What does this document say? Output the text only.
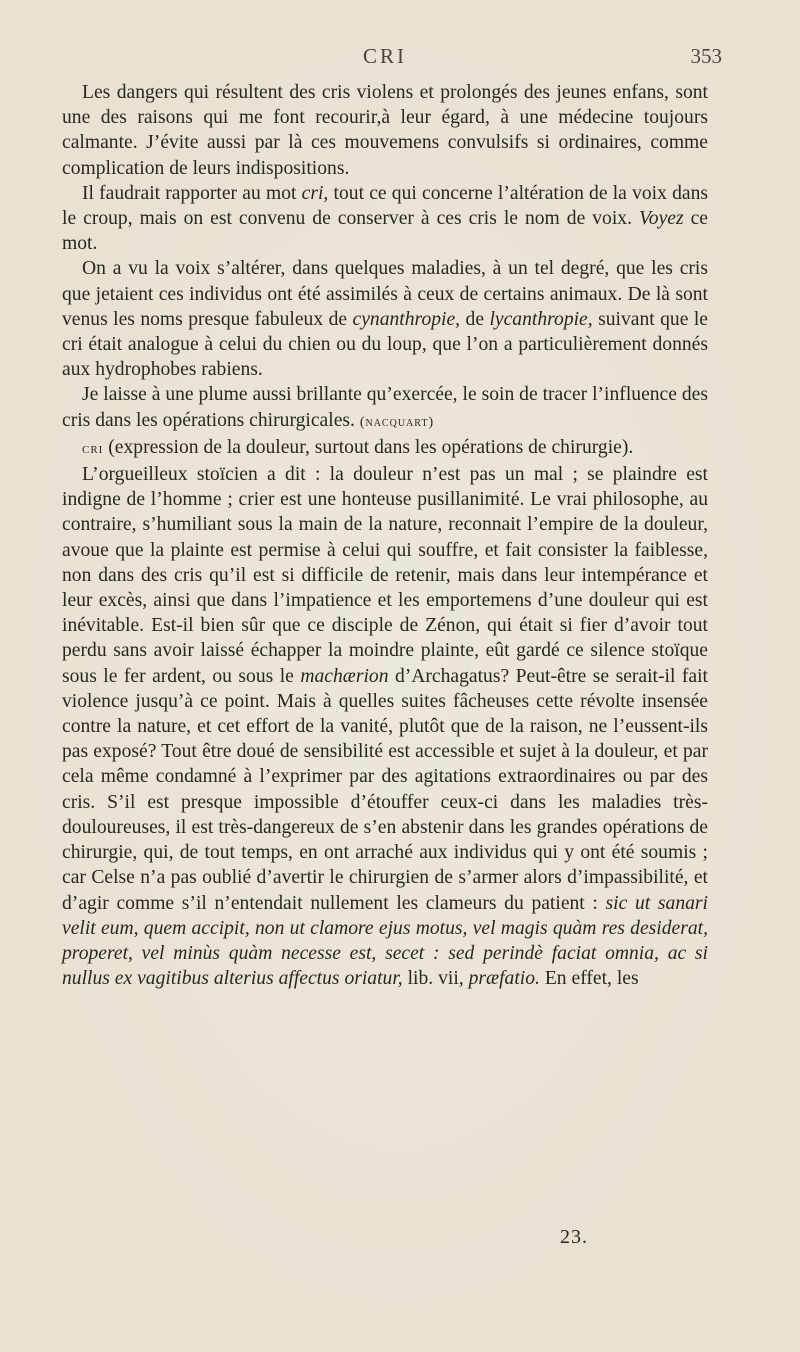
CRI	353

Les dangers qui résultent des cris violens et prolongés des jeunes enfans, sont une des raisons qui me font recourir,à leur égard, à une médecine toujours calmante. J’évite aussi par là ces mouvemens convulsifs si ordinaires, comme complication de leurs indispositions.

Il faudrait rapporter au mot cri, tout ce qui concerne l’altération de la voix dans le croup, mais on est convenu de conserver à ces cris le nom de voix. Voyez ce mot.

On a vu la voix s’altérer, dans quelques maladies, à un tel degré, que les cris que jetaient ces individus ont été assimilés à ceux de certains animaux. De là sont venus les noms presque fabuleux de cynanthropie, de lycanthropie, suivant que le cri était analogue à celui du chien ou du loup, que l’on a particulièrement donnés aux hydrophobes rabiens.

Je laisse à une plume aussi brillante qu’exercée, le soin de tracer l’influence des cris dans les opérations chirurgicales. (nacquart)

cri (expression de la douleur, surtout dans les opérations de chirurgie).

L’orgueilleux stoïcien a dit : la douleur n’est pas un mal ; se plaindre est indigne de l’homme ; crier est une honteuse pusillanimité. Le vrai philosophe, au contraire, s’humiliant sous la main de la nature, reconnait l’empire de la douleur, avoue que la plainte est permise à celui qui souffre, et fait consister la faiblesse, non dans des cris qu’il est si difficile de retenir, mais dans leur intempérance et leur excès, ainsi que dans l’impatience et les emportemens d’une douleur qui est inévitable. Est-il bien sûr que ce disciple de Zénon, qui était si fier d’avoir tout perdu sans avoir laissé échapper la moindre plainte, eût gardé ce silence stoïque sous le fer ardent, ou sous le machærion d’Archagatus? Peut-être se serait-il fait violence jusqu’à ce point. Mais à quelles suites fâcheuses cette révolte insensée contre la nature, et cet effort de la vanité, plutôt que de la raison, ne l’eussent-ils pas exposé? Tout être doué de sensibilité est accessible et sujet à la douleur, et par cela même condamné à l’exprimer par des agitations extraordinaires ou par des cris. S’il est presque impossible d’étouffer ceux-ci dans les maladies très-douloureuses, il est très-dangereux de s’en abstenir dans les grandes opérations de chirurgie, qui, de tout temps, en ont arraché aux individus qui y ont été soumis ; car Celse n’a pas oublié d’avertir le chirurgien de s’armer alors d’impassibilité, et d’agir comme s’il n’entendait nullement les clameurs du patient : sic ut sanari velit eum, quem accipit, non ut clamore ejus motus, vel magis quàm res desiderat, properet, vel minùs quàm necesse est, secet : sed perindè faciat omnia, ac si nullus ex vagitibus alterius affectus oriatur, lib. vii, præfatio. En effet, les

23.
